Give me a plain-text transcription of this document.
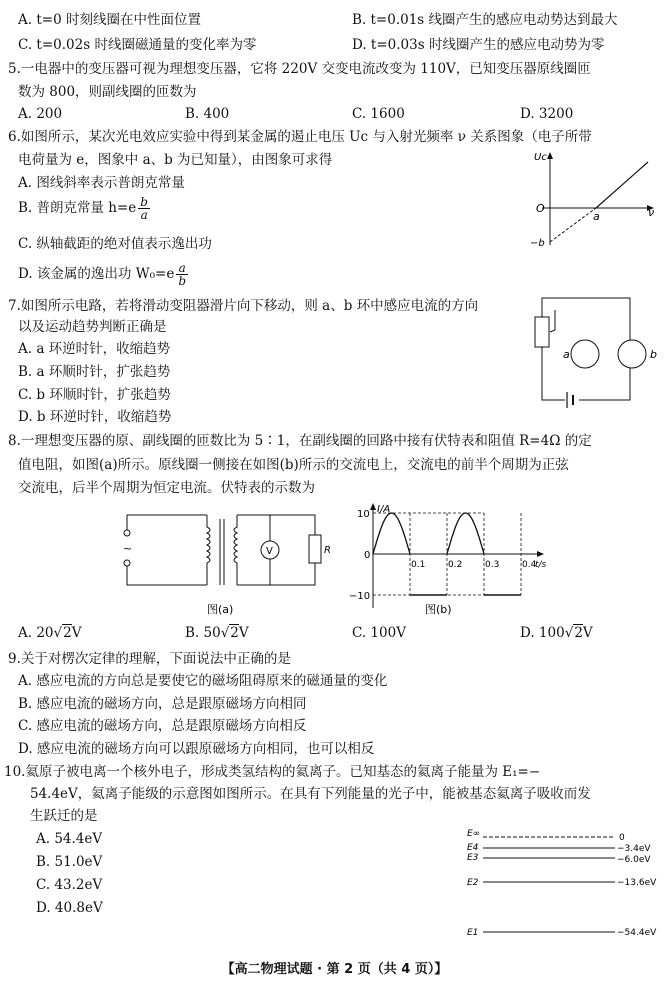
A. t=0 时刻线圈在中性面位置	B. t=0.01s 线圈产生的感应电动势达到最大
C. t=0.02s 时线圈磁通量的变化率为零	D. t=0.03s 时线圈产生的感应电动势为零
5.一电器中的变压器可视为理想变压器，它将 220V 交变电流改变为 110V，已知变压器原线圈匝
数为 800，则副线圈的匝数为
A. 200	B. 400	C. 1600	D. 3200
6.如图所示，某次光电效应实验中得到某金属的遏止电压 Uc 与入射光频率 ν 关系图象（电子所带
电荷量为 e，图象中 a、b 为已知量），由图象可求得
A. 图线斜率表示普朗克常量
B. 普朗克常量 $h=e \frac{b}{a}$
C. 纵轴截距的绝对值表示逸出功
D. 该金属的逸出功 $W_0=e \frac{a}{b}$
Uc
O
a	ν
−b
7.如图所示电路，若将滑动变阻器滑片向下移动，则 a、b 环中感应电流的方向
以及运动趋势判断正确是
A. a 环逆时针，收缩趋势
B. a 环顺时针，扩张趋势
C. b 环顺时针，扩张趋势
D. b 环逆时针，收缩趋势
a	b
8.一理想变压器的原、副线圈的匝数比为 5∶1，在副线圈的回路中接有伏特表和阻值 R=4Ω 的定
值电阻，如图(a)所示。原线圈一侧接在如图(b)所示的交流电上，交流电的前半个周期为正弦
交流电，后半个周期为恒定电流。伏特表的示数为
~	V	R
图(a)
I/A
10
−10
0
0.1	0.2	0.3	0.4
t/s
图(b)
A. 20√2V	B. 50√2V	C. 100V	D. 100√2V
9.关于对楞次定律的理解，下面说法中正确的是
A. 感应电流的方向总是要使它的磁场阻碍原来的磁通量的变化
B. 感应电流的磁场方向，总是跟原磁场方向相同
C. 感应电流的磁场方向，总是跟原磁场方向相反
D. 感应电流的磁场方向可以跟原磁场方向相同，也可以相反
10.氦原子被电离一个核外电子，形成类氢结构的氦离子。已知基态的氦离子能量为 E₁=−
54.4eV，氦离子能级的示意图如图所示。在具有下列能量的光子中，能被基态氦离子吸收而发
生跃迁的是
A. 54.4eV
B. 51.0eV
C. 43.2eV
D. 40.8eV
E∞
E4
E3
E2
E1
0
−3.4eV
−6.0eV
−13.6eV
−54.4eV
【高二物理试题 · 第 2 页（共 4 页）】
